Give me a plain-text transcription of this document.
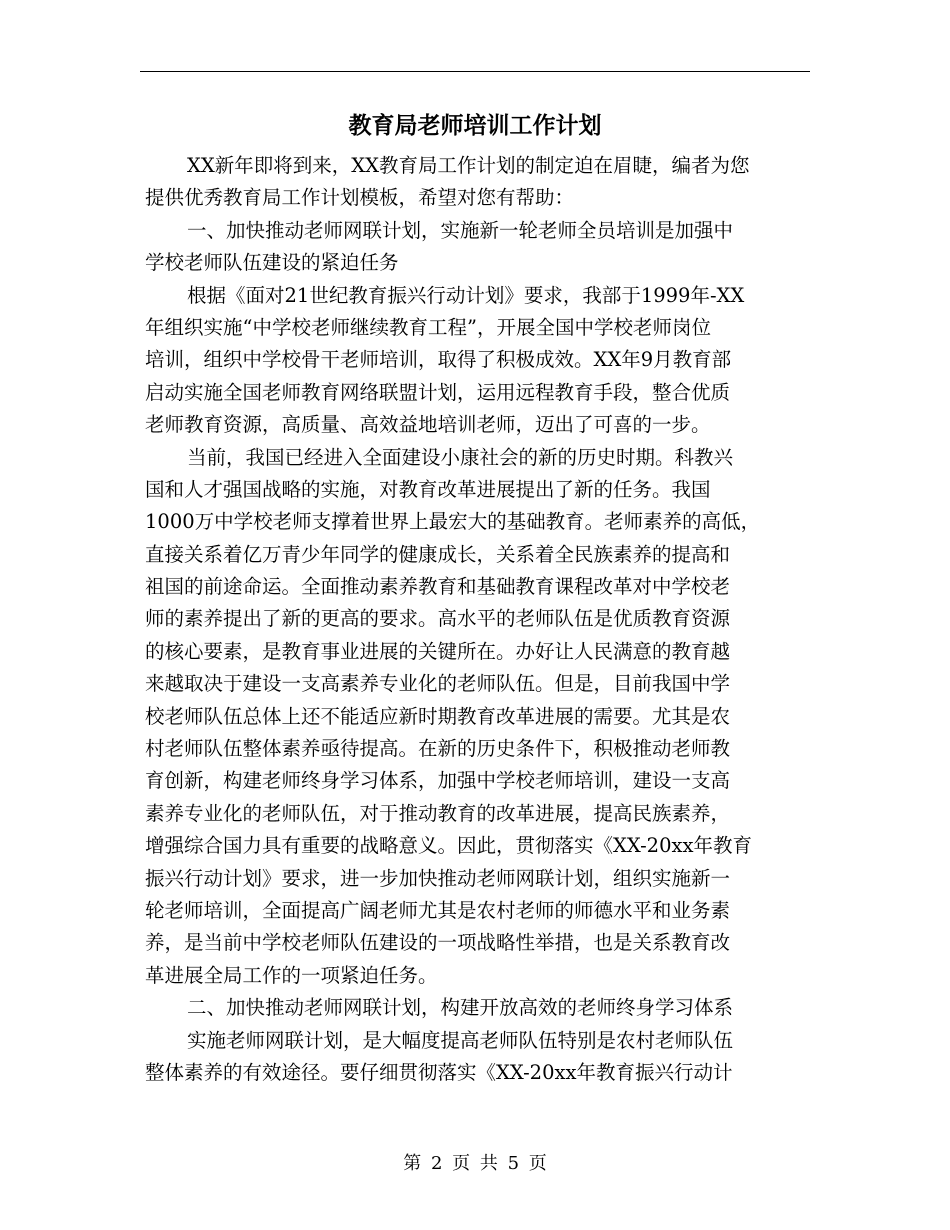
教育局老师培训工作计划
XX新年即将到来，XX教育局工作计划的制定迫在眉睫，编者为您
提供优秀教育局工作计划模板，希望对您有帮助：
一、加快推动老师网联计划，实施新一轮老师全员培训是加强中
学校老师队伍建设的紧迫任务
根据《面对21世纪教育振兴行动计划》要求，我部于1999年-XX
年组织实施“中学校老师继续教育工程”，开展全国中学校老师岗位
培训，组织中学校骨干老师培训，取得了积极成效。XX年9月教育部
启动实施全国老师教育网络联盟计划，运用远程教育手段，整合优质
老师教育资源，高质量、高效益地培训老师，迈出了可喜的一步。
当前，我国已经进入全面建设小康社会的新的历史时期。科教兴
国和人才强国战略的实施，对教育改革进展提出了新的任务。我国
1000万中学校老师支撑着世界上最宏大的基础教育。老师素养的高低，
直接关系着亿万青少年同学的健康成长，关系着全民族素养的提高和
祖国的前途命运。全面推动素养教育和基础教育课程改革对中学校老
师的素养提出了新的更高的要求。高水平的老师队伍是优质教育资源
的核心要素，是教育事业进展的关键所在。办好让人民满意的教育越
来越取决于建设一支高素养专业化的老师队伍。但是，目前我国中学
校老师队伍总体上还不能适应新时期教育改革进展的需要。尤其是农
村老师队伍整体素养亟待提高。在新的历史条件下，积极推动老师教
育创新，构建老师终身学习体系，加强中学校老师培训，建设一支高
素养专业化的老师队伍，对于推动教育的改革进展，提高民族素养，
增强综合国力具有重要的战略意义。因此，贯彻落实《XX-20xx年教育
振兴行动计划》要求，进一步加快推动老师网联计划，组织实施新一
轮老师培训，全面提高广阔老师尤其是农村老师的师德水平和业务素
养，是当前中学校老师队伍建设的一项战略性举措，也是关系教育改
革进展全局工作的一项紧迫任务。
二、加快推动老师网联计划，构建开放高效的老师终身学习体系
实施老师网联计划，是大幅度提高老师队伍特别是农村老师队伍
整体素养的有效途径。要仔细贯彻落实《XX-20xx年教育振兴行动计
第 2 页 共 5 页
